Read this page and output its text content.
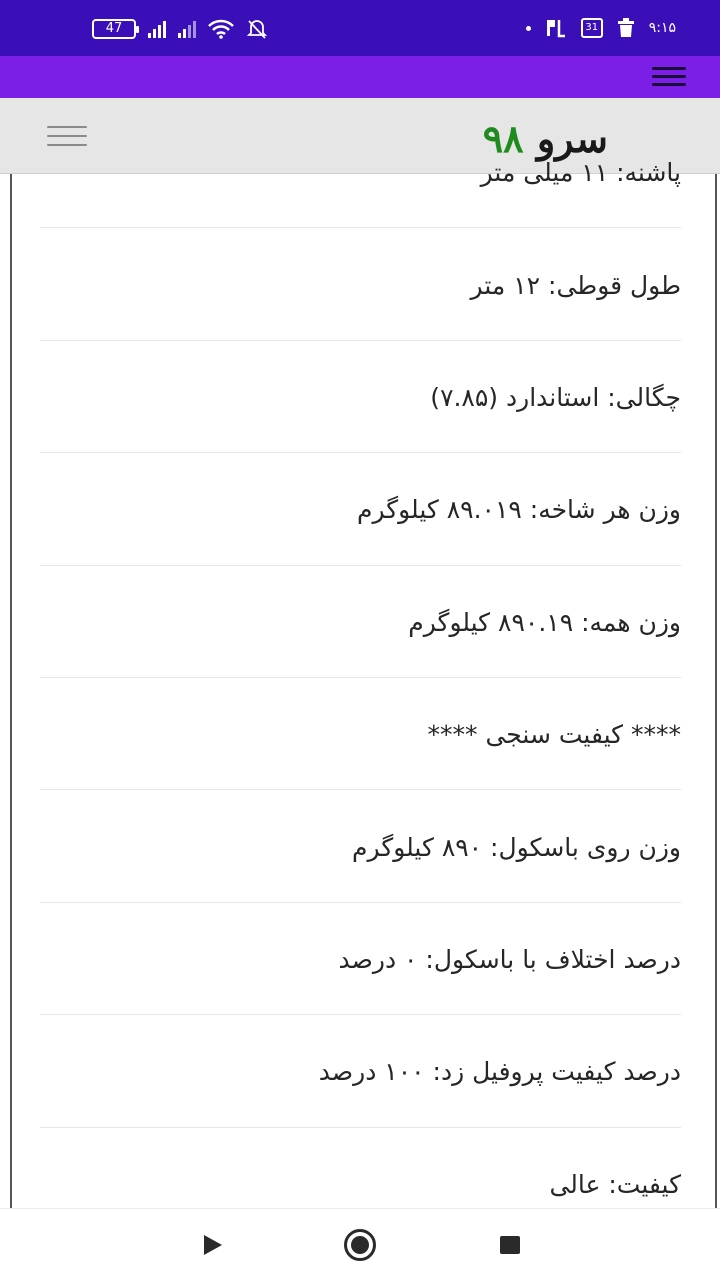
47	31	۹:۱۵
سرو ۹۸
پاشنه: ۱۱ میلی متر
طول قوطی: ۱۲ متر
چگالی: استاندارد (۷.۸۵)
وزن هر شاخه: ۸۹.۰۱۹ کیلوگرم
وزن همه: ۸۹۰.۱۹ کیلوگرم
**** کیفیت سنجی ****
وزن روی باسکول: ۸۹۰ کیلوگرم
درصد اختلاف با باسکول: ۰ درصد
درصد کیفیت پروفیل زد: ۱۰۰ درصد
کیفیت: عالی
